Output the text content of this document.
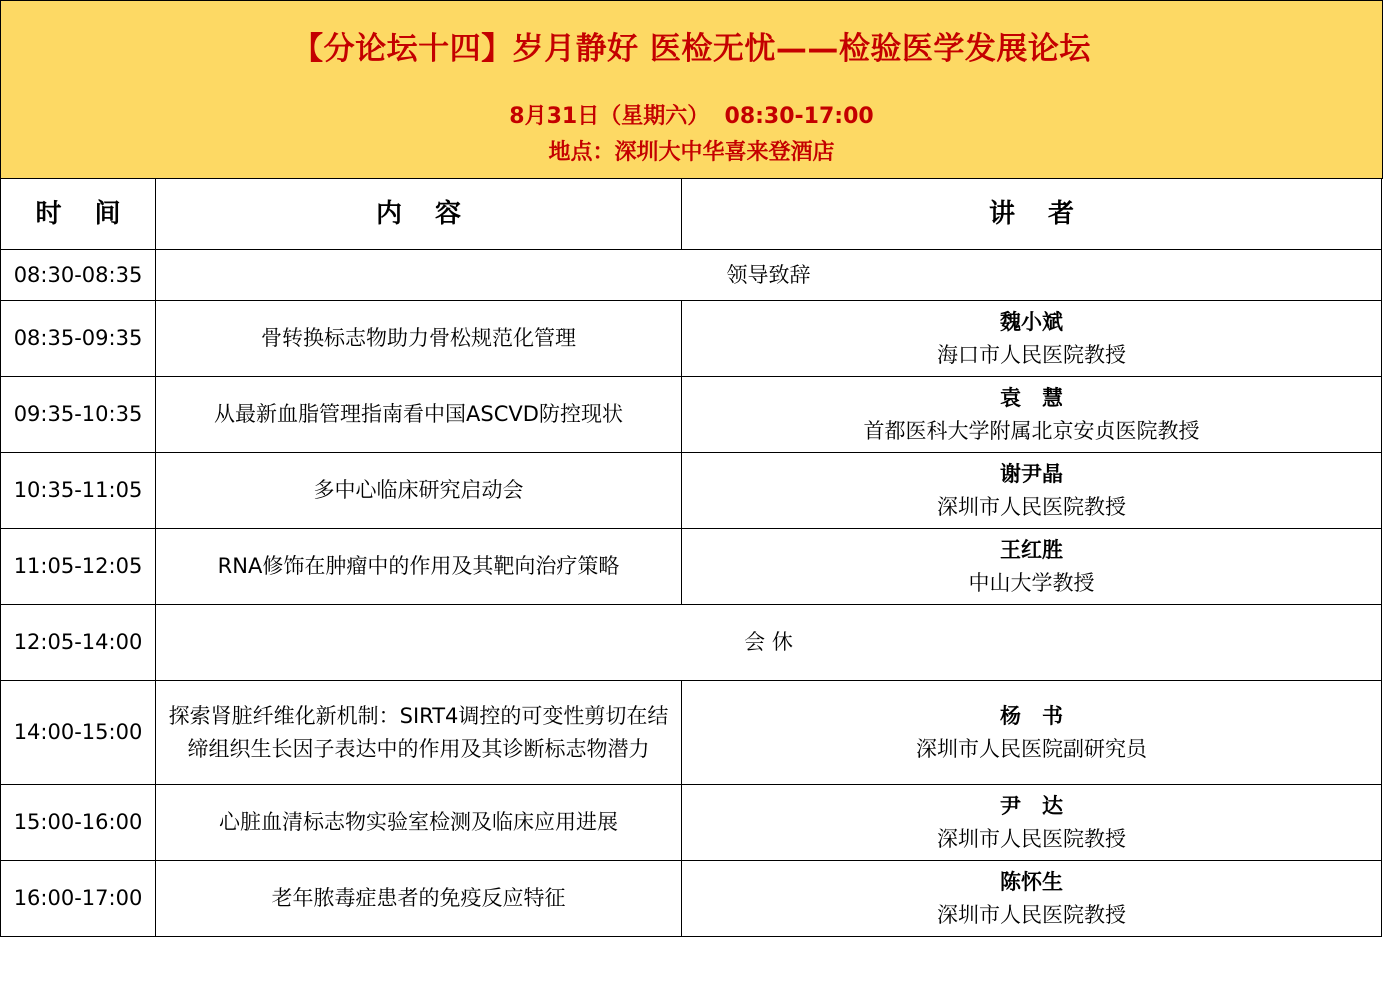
【分论坛十四】岁月静好 医检无忧——检验医学发展论坛
8月31日（星期六）  08:30-17:00
地点：深圳大中华喜来登酒店
时 间	内 容	讲 者
08:30-08:35	领导致辞	
08:35-09:35	骨转换标志物助力骨松规范化管理	魏小斌
海口市人民医院教授

09:35-10:35	从最新血脂管理指南看中国ASCVD防控现状	袁　慧
首都医科大学附属北京安贞医院教授

10:35-11:05	多中心临床研究启动会	谢尹晶
深圳市人民医院教授

11:05-12:05	RNA修饰在肿瘤中的作用及其靶向治疗策略	王红胜
中山大学教授

12:05-14:00	会 休	
14:00-15:00	探索肾脏纤维化新机制：SIRT4调控的可变性剪切在结缔组织生长因子表达中的作用及其诊断标志物潜力	杨　书
深圳市人民医院副研究员

15:00-16:00	心脏血清标志物实验室检测及临床应用进展	尹　达
深圳市人民医院教授

16:00-17:00	老年脓毒症患者的免疫反应特征	陈怀生
深圳市人民医院教授
